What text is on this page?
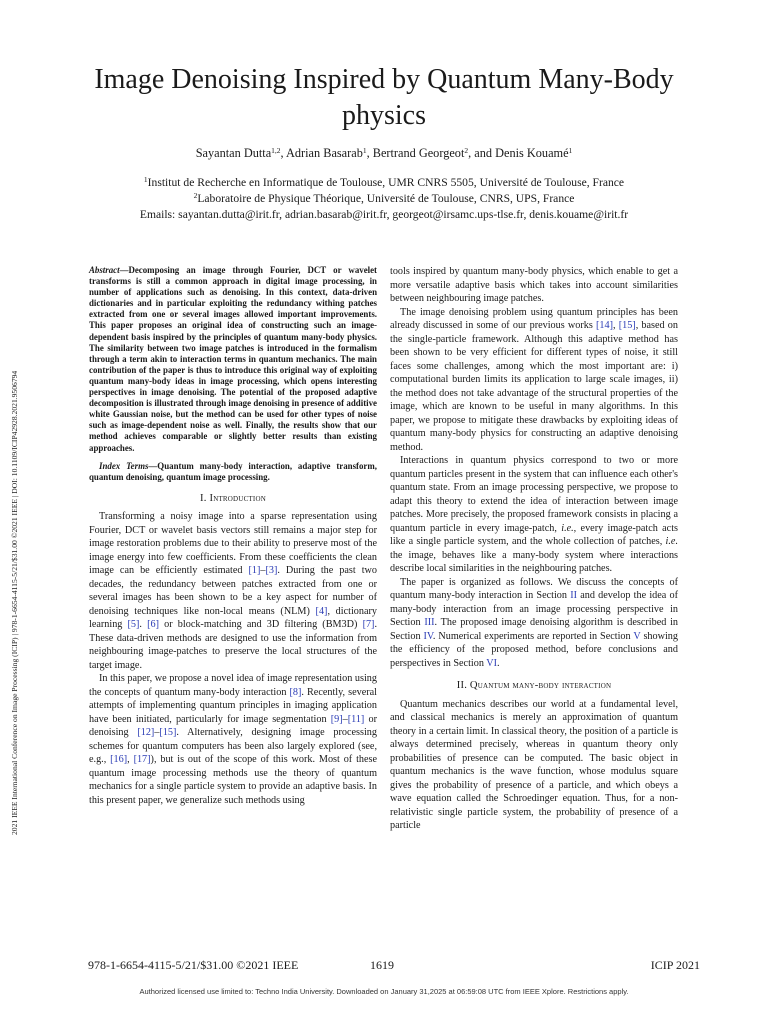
Image Denoising Inspired by Quantum Many-Body physics
Sayantan Dutta$^{1,2}$, Adrian Basarab$^1$, Bertrand Georgeot$^2$, and Denis Kouamé$^1$
$^1$Institut de Recherche en Informatique de Toulouse, UMR CNRS 5505, Université de Toulouse, France
$^2$Laboratoire de Physique Théorique, Université de Toulouse, CNRS, UPS, France
Emails: sayantan.dutta@irit.fr, adrian.basarab@irit.fr, georgeot@irsamc.ups-tlse.fr, denis.kouame@irit.fr
2021 IEEE International Conference on Image Processing (ICIP) | 978-1-6654-4115-5/21/$31.00 ©2021 IEEE | DOI: 10.1109/ICIP42928.2021.9506794

Abstract—Decomposing an image through Fourier, DCT or wavelet transforms is still a common approach in digital image processing, in number of applications such as denoising. In this context, data-driven dictionaries and in particular exploiting the redundancy withing patches extracted from one or several images allowed important improvements. This paper proposes an original idea of constructing such an image-dependent basis inspired by the principles of quantum many-body physics. The similarity between two image patches is introduced in the formalism through a term akin to interaction terms in quantum mechanics. The main contribution of the paper is thus to introduce this original way of exploiting quantum many-body ideas in image processing, which opens interesting perspectives in image denoising. The potential of the proposed adaptive decomposition is illustrated through image denoising in presence of additive white Gaussian noise, but the method can be used for other types of noise such as image-dependent noise as well. Finally, the results show that our method achieves comparable or slightly better results than existing approaches.

Index Terms—Quantum many-body interaction, adaptive transform, quantum denoising, quantum image processing.

I. Introduction

Transforming a noisy image into a sparse representation using Fourier, DCT or wavelet basis vectors still remains a major step for image restoration problems due to their ability to preserve most of the image energy into few coefficients. From these coefficients the clean image can be efficiently estimated [1]–[3]. During the past two decades, the redundancy between patches extracted from one or several images has been shown to be a key aspect for number of denoising techniques like non-local means (NLM) [4], dictionary learning [5]. [6] or block-matching and 3D filtering (BM3D) [7]. These data-driven methods are designed to use the information from neighbouring image-patches to preserve the local structures of the target image.

In this paper, we propose a novel idea of image representation using the concepts of quantum many-body interaction [8]. Recently, several attempts of implementing quantum principles in imaging application have been initiated, particularly for image segmentation [9]–[11] or denoising [12]–[15]. Alternatively, designing image processing schemes for quantum computers has been also largely explored (see, e.g., [16], [17]), but is out of the scope of this work. Most of these quantum image processing methods use the theory of quantum mechanics for a single particle system to provide an adaptive basis. In this present paper, we generalize such methods using

tools inspired by quantum many-body physics, which enable to get a more versatile adaptive basis which takes into account similarities between neighbouring image patches.

The image denoising problem using quantum principles has been already discussed in some of our previous works [14], [15], based on the single-particle framework. Although this adaptive method has been shown to be very efficient for different types of noise, it still faces some challenges, among which the most important are: i) computational burden limits its application to large scale images, ii) the method does not take advantage of the structural properties of the image, which are known to be useful in many algorithms. In this paper, we propose to mitigate these drawbacks by exploiting ideas of quantum many-body physics for constructing an adaptive denoising method.

Interactions in quantum physics correspond to two or more quantum particles present in the system that can influence each other's quantum state. From an image processing perspective, we propose to adapt this theory to extend the idea of interaction between image patches. More precisely, the proposed framework consists in placing a quantum particle in every image-patch, i.e., every image-patch acts like a single particle system, and the whole collection of patches, i.e. the image, behaves like a many-body system where interactions describe local similarities in the neighbouring patches.

The paper is organized as follows. We discuss the concepts of quantum many-body interaction in Section II and develop the idea of many-body interaction from an image processing perspective in Section III. The proposed image denoising algorithm is described in Section IV. Numerical experiments are reported in Section V showing the efficiency of the proposed method, before conclusions and perspectives in Section VI.

II. Quantum many-body interaction

Quantum mechanics describes our world at a fundamental level, and classical mechanics is merely an approximation of quantum theory in a certain limit. In classical theory, the position of a particle is always determined precisely, whereas in quantum theory only probabilities of presence can be computed. The basic object in quantum mechanics is the wave function, whose modulus square gives the probability of presence of a particle, and which obeys a wave equation called the Schroedinger equation. Thus, for a non-relativistic single particle system, the probability of presence of a particle

978-1-6654-4115-5/21/$31.00 ©2021 IEEE	1619	ICIP 2021
Authorized licensed use limited to: Techno India University. Downloaded on January 31,2025 at 06:59:08 UTC from IEEE Xplore. Restrictions apply.
